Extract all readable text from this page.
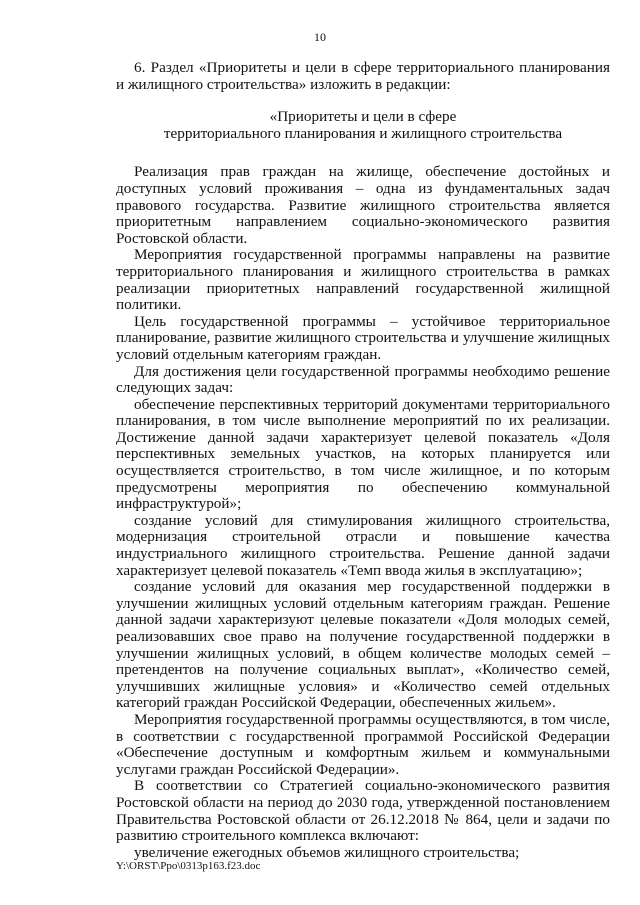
10

6. Раздел «Приоритеты и цели в сфере территориального планирования и жилищного строительства» изложить в редакции:

«Приоритеты и цели в сфере
территориального планирования и жилищного строительства

Реализация прав граждан на жилище, обеспечение достойных и доступных условий проживания – одна из фундаментальных задач правового государства. Развитие жилищного строительства является приоритетным направлением социально-экономического развития Ростовской области.

Мероприятия государственной программы направлены на развитие территориального планирования и жилищного строительства в рамках реализации приоритетных направлений государственной жилищной политики.

Цель государственной программы – устойчивое территориальное планирование, развитие жилищного строительства и улучшение жилищных условий отдельным категориям граждан.

Для достижения цели государственной программы необходимо решение следующих задач:

обеспечение перспективных территорий документами территориального планирования, в том числе выполнение мероприятий по их реализации. Достижение данной задачи характеризует целевой показатель «Доля перспективных земельных участков, на которых планируется или осуществляется строительство, в том числе жилищное, и по которым предусмотрены мероприятия по обеспечению коммунальной инфраструктурой»;

создание условий для стимулирования жилищного строительства, модернизация строительной отрасли и повышение качества индустриального жилищного строительства. Решение данной задачи характеризует целевой показатель «Темп ввода жилья в эксплуатацию»;

создание условий для оказания мер государственной поддержки в улучшении жилищных условий отдельным категориям граждан. Решение данной задачи характеризуют целевые показатели «Доля молодых семей, реализовавших свое право на получение государственной поддержки в улучшении жилищных условий, в общем количестве молодых семей – претендентов на получение социальных выплат», «Количество семей, улучшивших жилищные условия» и «Количество семей отдельных категорий граждан Российской Федерации, обеспеченных жильем».

Мероприятия государственной программы осуществляются, в том числе, в соответствии с государственной программой Российской Федерации «Обеспечение доступным и комфортным жильем и коммунальными услугами граждан Российской Федерации».

В соответствии со Стратегией социально-экономического развития Ростовской области на период до 2030 года, утвержденной постановлением Правительства Ростовской области от 26.12.2018 № 864, цели и задачи по развитию строительного комплекса включают:

увеличение ежегодных объемов жилищного строительства;

Y:\ORST\Ppo\0313p163.f23.doc
